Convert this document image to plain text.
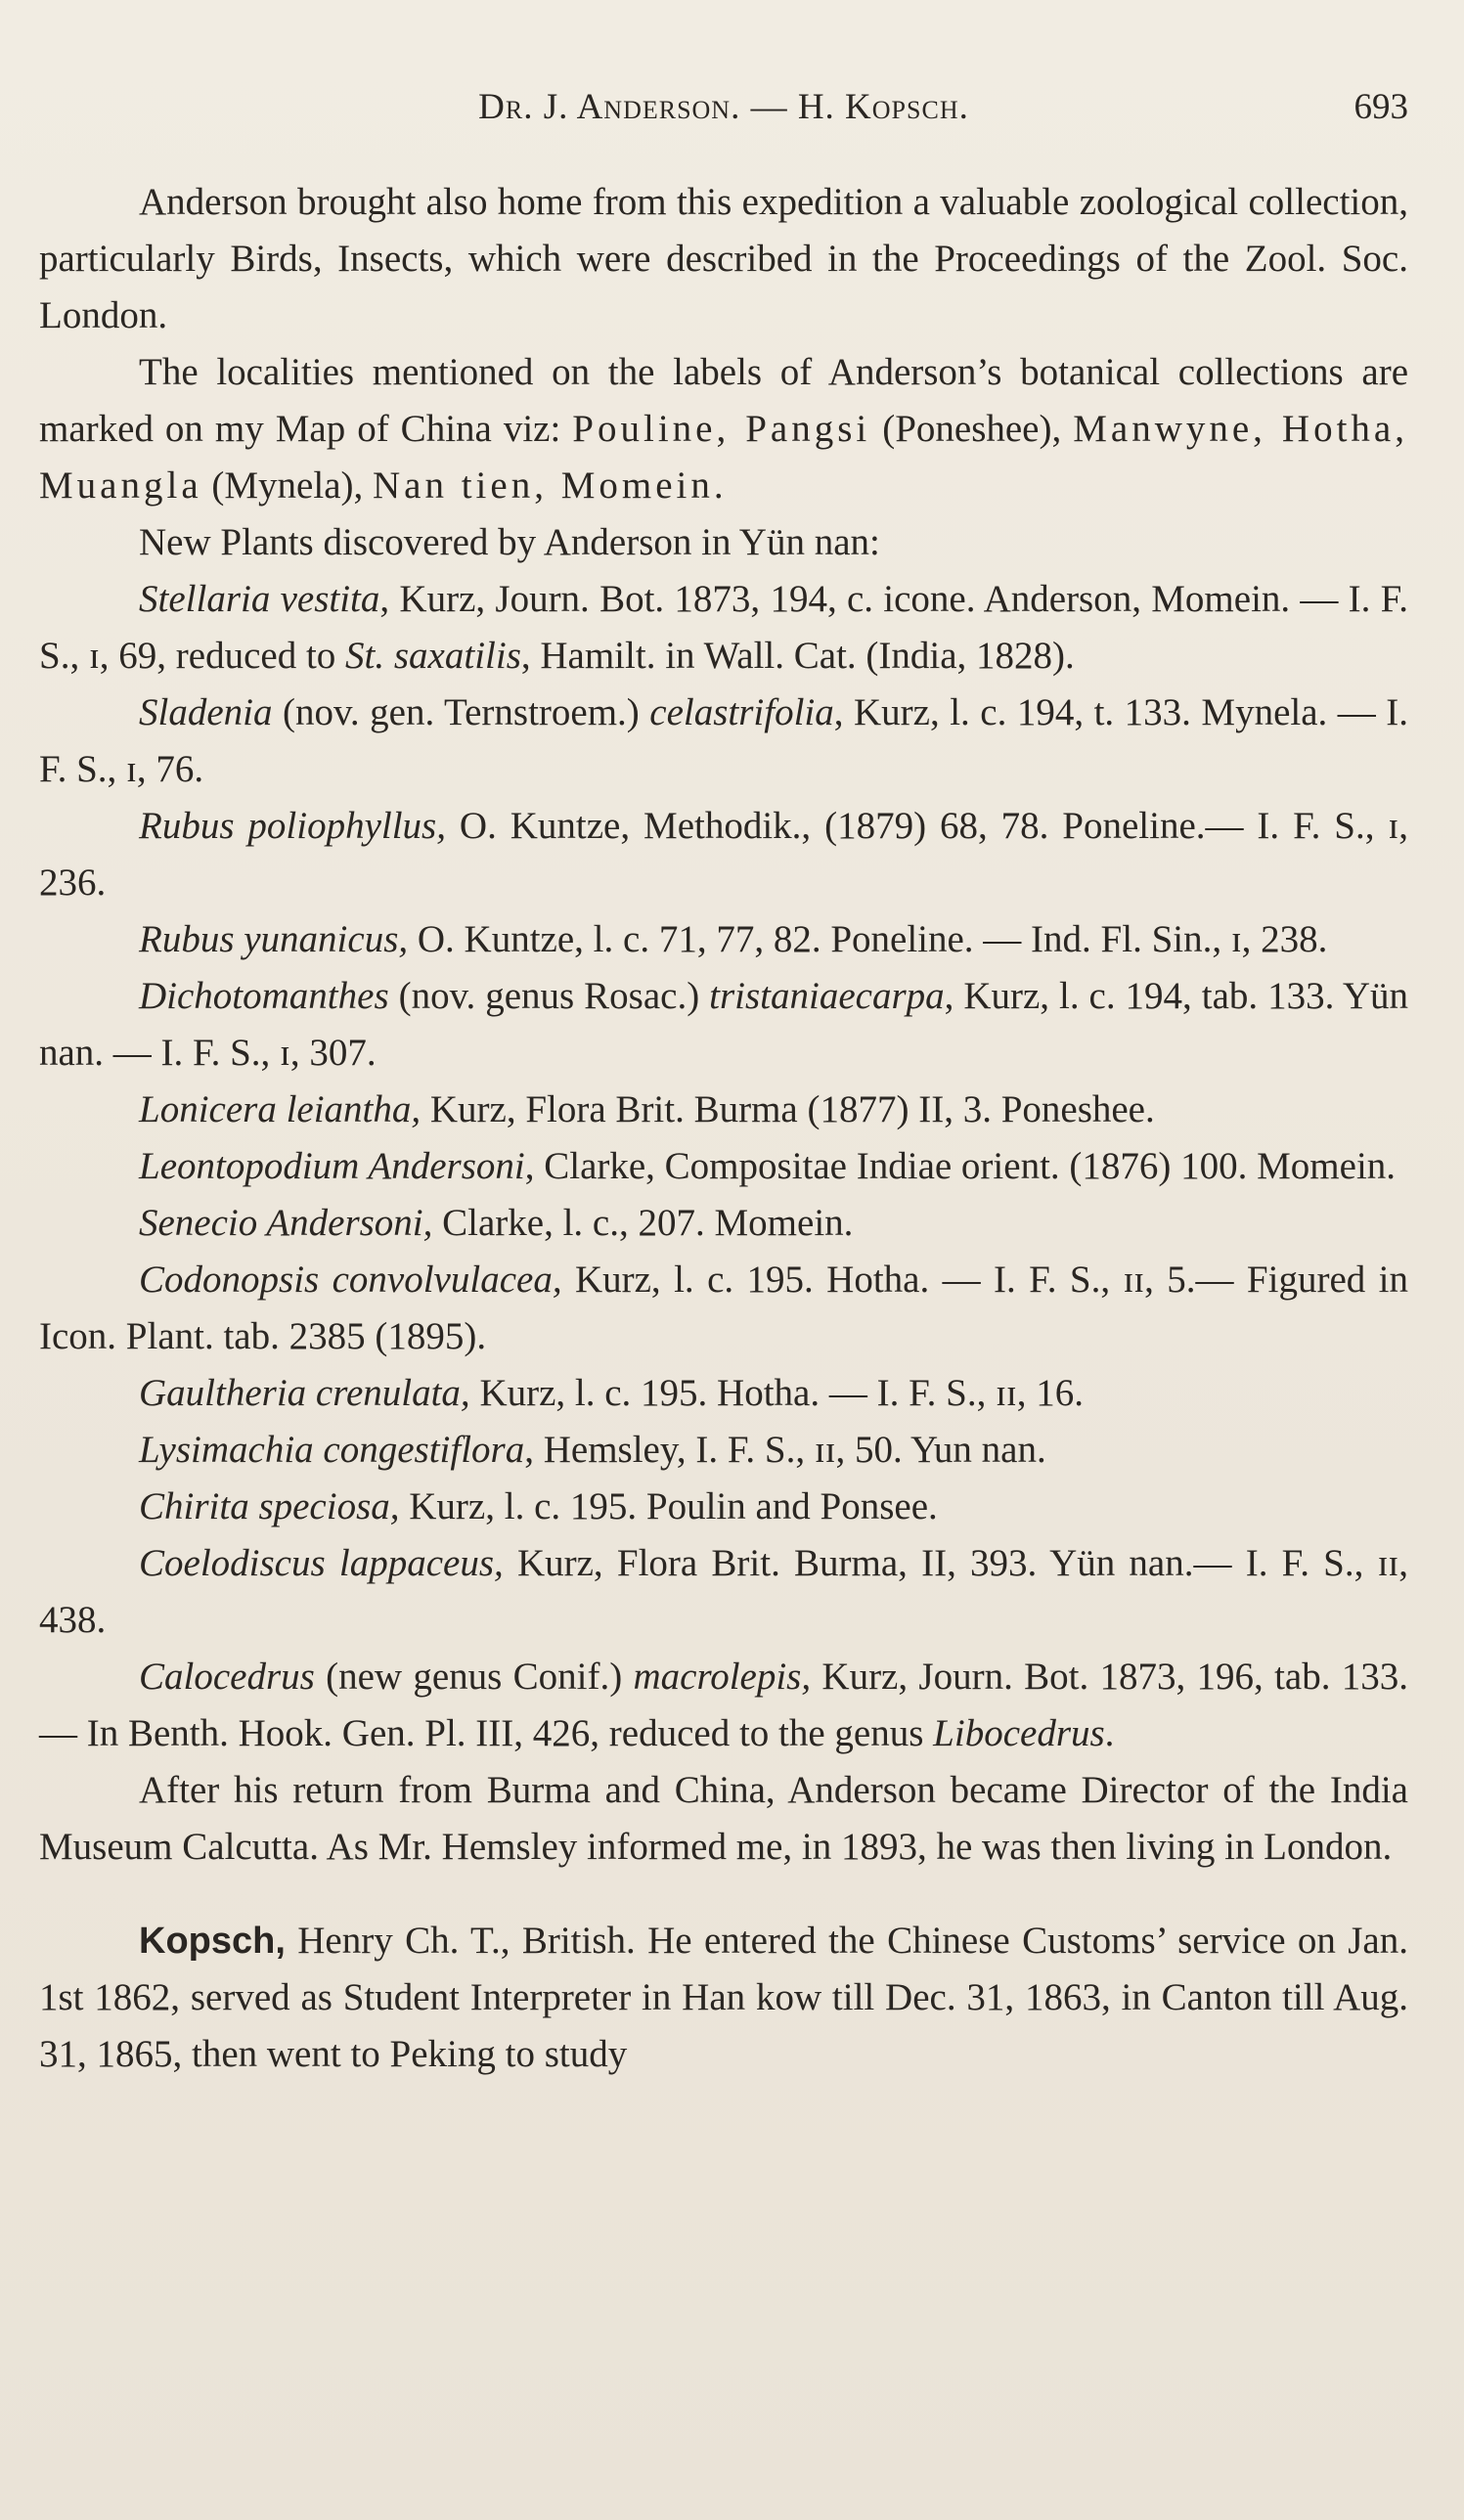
Dr. J. Anderson. — H. Kopsch.	693

Anderson brought also home from this expedition a valuable zoological collection, particularly Birds, Insects, which were described in the Proceedings of the Zool. Soc. London.

The localities mentioned on the labels of Anderson’s botanical collections are marked on my Map of China viz: Pouline, Pangsi (Poneshee), Manwyne, Hotha, Muangla (Mynela), Nan tien, Momein.

New Plants discovered by Anderson in Yün nan:

Stellaria vestita, Kurz, Journ. Bot. 1873, 194, c. icone. Anderson, Momein. — I. F. S., ɪ, 69, reduced to St. saxatilis, Hamilt. in Wall. Cat. (India, 1828).

Sladenia (nov. gen. Ternstroem.) celastrifolia, Kurz, l. c. 194, t. 133. Mynela. — I. F. S., ɪ, 76.

Rubus poliophyllus, O. Kuntze, Methodik., (1879) 68, 78. Poneline.— I. F. S., ɪ, 236.

Rubus yunanicus, O. Kuntze, l. c. 71, 77, 82. Poneline. — Ind. Fl. Sin., ɪ, 238.

Dichotomanthes (nov. genus Rosac.) tristaniaecarpa, Kurz, l. c. 194, tab. 133. Yün nan. — I. F. S., ɪ, 307.

Lonicera leiantha, Kurz, Flora Brit. Burma (1877) II, 3. Poneshee.

Leontopodium Andersoni, Clarke, Compositae Indiae orient. (1876) 100. Momein.

Senecio Andersoni, Clarke, l. c., 207. Momein.

Codonopsis convolvulacea, Kurz, l. c. 195. Hotha. — I. F. S., ɪɪ, 5.— Figured in Icon. Plant. tab. 2385 (1895).

Gaultheria crenulata, Kurz, l. c. 195. Hotha. — I. F. S., ɪɪ, 16.

Lysimachia congestiflora, Hemsley, I. F. S., ɪɪ, 50. Yun nan.

Chirita speciosa, Kurz, l. c. 195. Poulin and Ponsee.

Coelodiscus lappaceus, Kurz, Flora Brit. Burma, II, 393. Yün nan.— I. F. S., ɪɪ, 438.

Calocedrus (new genus Conif.) macrolepis, Kurz, Journ. Bot. 1873, 196, tab. 133. — In Benth. Hook. Gen. Pl. III, 426, reduced to the genus Libocedrus.

After his return from Burma and China, Anderson became Director of the India Museum Calcutta. As Mr. Hemsley informed me, in 1893, he was then living in London.

Kopsch, Henry Ch. T., British. He entered the Chinese Customs’ service on Jan. 1st 1862, served as Student Interpreter in Han kow till Dec. 31, 1863, in Canton till Aug. 31, 1865, then went to Peking to study
